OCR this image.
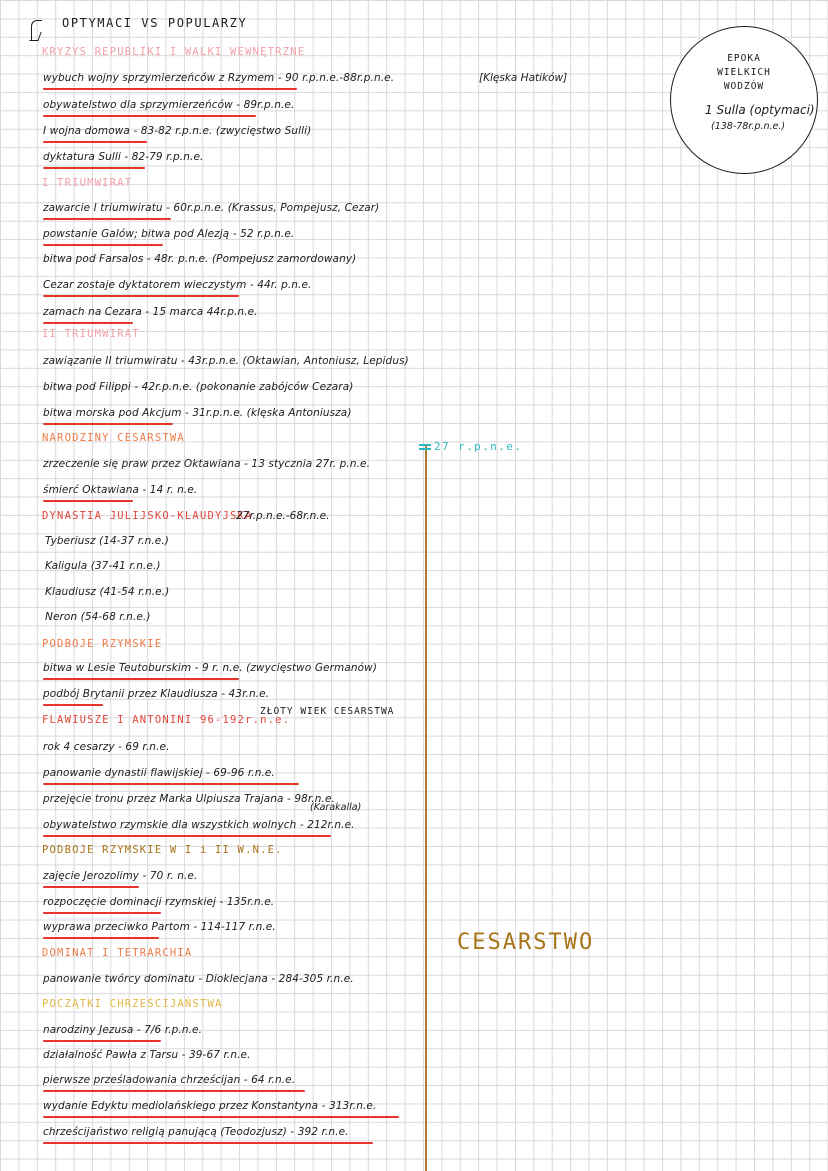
OPTYMACI VS POPULARZY
KRYZYS REPUBLIKI I WALKI WEWNĘTRZNE
wybuch wojny sprzymierzeńców z Rzymem - 90 r.p.n.e.-88r.p.n.e.
obywatelstwo dla sprzymierzeńców - 89r.p.n.e.
I wojna domowa - 83-82 r.p.n.e. (zwycięstwo Sulli)
dyktatura Sulli - 82-79 r.p.n.e.
[Klęska Hatików]
I TRIUMWIRAT
zawarcie I triumwiratu - 60r.p.n.e. (Krassus, Pompejusz, Cezar)
powstanie Galów; bitwa pod Alezją - 52 r.p.n.e.
bitwa pod Farsalos - 48r. p.n.e. (Pompejusz zamordowany)
Cezar zostaje dyktatorem wieczystym - 44r. p.n.e.
zamach na Cezara - 15 marca 44r.p.n.e.
II TRIUMWIRAT
zawiązanie II triumwiratu - 43r.p.n.e. (Oktawian, Antoniusz, Lepidus)
bitwa pod Filippi - 42r.p.n.e. (pokonanie zabójców Cezara)
bitwa morska pod Akcjum - 31r.p.n.e. (klęska Antoniusza)
NARODZINY CESARSTWA
zrzeczenie się praw przez Oktawiana - 13 stycznia 27r. p.n.e.
śmierć Oktawiana - 14 r. n.e.
DYNASTIA JULIJSKO-KLAUDYJSKA
27r.p.n.e.-68r.n.e.
Tyberiusz (14-37 r.n.e.)
Kaligula (37-41 r.n.e.)
Klaudiusz (41-54 r.n.e.)
Neron (54-68 r.n.e.)
PODBOJE RZYMSKIE
bitwa w Lesie Teutoburskim - 9 r. n.e. (zwycięstwo Germanów)
podbój Brytanii przez Klaudiusza - 43r.n.e.
ZŁOTY WIEK CESARSTWA
FLAWIUSZE I ANTONINI 96-192r.n.e.
rok 4 cesarzy - 69 r.n.e.
panowanie dynastii flawijskiej - 69-96 r.n.e.
przejęcie tronu przez Marka Ulpiusza Trajana - 98r.n.e.
(Karakalla)
obywatelstwo rzymskie dla wszystkich wolnych - 212r.n.e.
PODBOJE RZYMSKIE W I i II W.N.E.
zajęcie Jerozolimy - 70 r. n.e.
rozpoczęcie dominacji rzymskiej - 135r.n.e.
wyprawa przeciwko Partom - 114-117 r.n.e.
DOMINAT I TETRARCHIA
panowanie twórcy dominatu - Dioklecjana - 284-305 r.n.e.
POCZĄTKI CHRZEŚCIJAŃSTWA
narodziny Jezusa - 7/6 r.p.n.e.
działalność Pawła z Tarsu - 39-67 r.n.e.
pierwsze prześladowania chrześcijan - 64 r.n.e.
wydanie Edyktu mediolańskiego przez Konstantyna - 313r.n.e.
chrześcijaństwo religią panującą (Teodozjusz) - 392 r.n.e.
27 r.p.n.e.
CESARSTWO
EPOKA
WIELKICH
WODZÓW
1 Sulla (optymaci)
(138-78r.p.n.e.)
